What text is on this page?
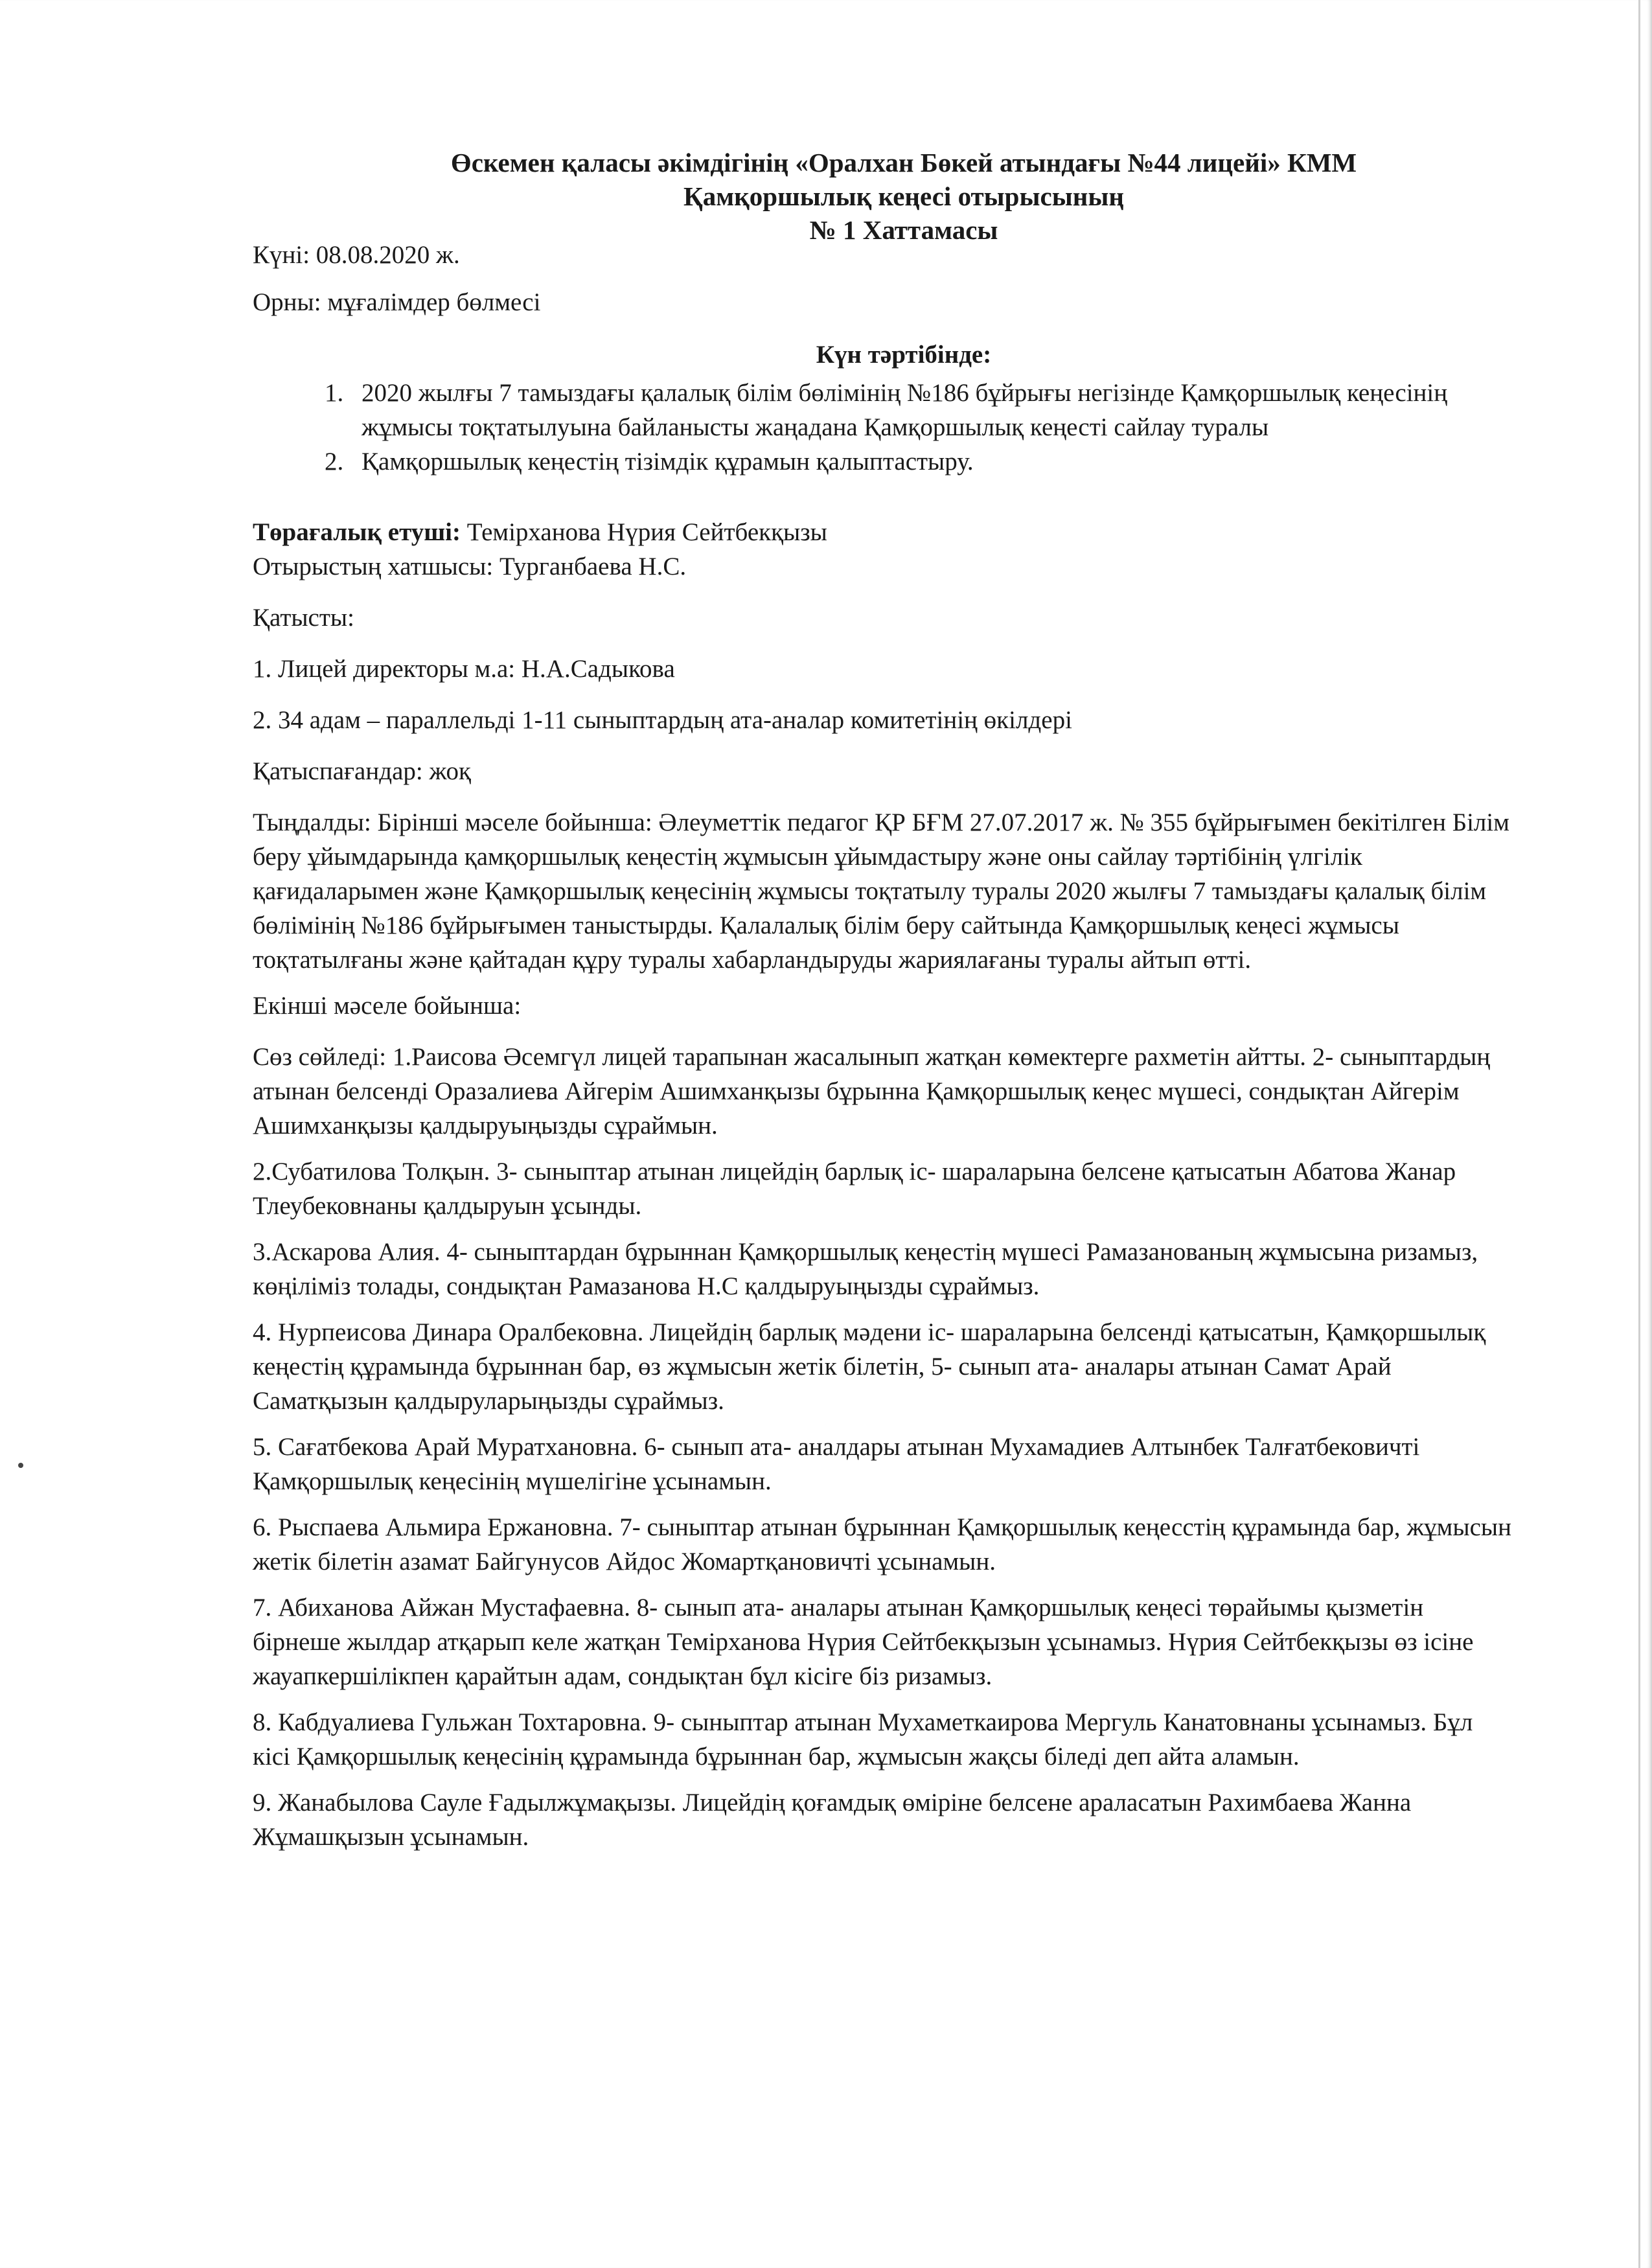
Өскемен қаласы әкімдігінің «Оралхан Бөкей атындағы №44 лицейі» КММ
Қамқоршылық кеңесі отырысының
№ 1 Хаттамасы

Күні: 08.08.2020 ж.

Орны: мұғалімдер бөлмесі

Күн тәртібінде:
1. 2020 жылғы 7 тамыздағы қалалық білім бөлімінің №186 бұйрығы негізінде Қамқоршылық кеңесінің жұмысы тоқтатылуына байланысты жаңадана Қамқоршылық кеңесті сайлау туралы
2. Қамқоршылық кеңестің тізімдік құрамын қалыптастыру.

Төрағалық етуші: Темірханова Нүрия Сейтбекқызы

Отырыстың хатшысы: Турганбаева Н.С.

Қатысты:

1. Лицей директоры м.а: Н.А.Садыкова

2. 34 адам – параллельді 1-11 сыныптардың ата-аналар комитетінің өкілдері

Қатыспағандар: жоқ

Тыңдалды: Бірінші мәселе бойынша: Әлеуметтік педагог ҚР БҒМ 27.07.2017 ж. № 355 бұйрығымен бекітілген Білім беру ұйымдарында қамқоршылық кеңестің жұмысын ұйымдастыру және оны сайлау тәртібінің үлгілік қағидаларымен және Қамқоршылық кеңесінің жұмысы тоқтатылу туралы 2020 жылғы 7 тамыздағы қалалық білім бөлімінің №186 бұйрығымен таныстырды. Қалалалық білім беру сайтында Қамқоршылық кеңесі жұмысы тоқтатылғаны және қайтадан құру туралы хабарландыруды жариялағаны туралы айтып өтті.

Екінші мәселе бойынша:

Сөз сөйледі: 1.Раисова Әсемгүл лицей тарапынан жасалынып жатқан көмектерге рахметін айтты. 2- сыныптардың атынан белсенді Оразалиева Айгерім Ашимханқызы бұрынна Қамқоршылық кеңес мүшесі, сондықтан Айгерім Ашимханқызы қалдыруыңызды сұраймын.

2.Субатилова Толқын. 3- сыныптар атынан лицейдің барлық іс- шараларына белсене қатысатын Абатова Жанар Тлеубековнаны қалдыруын ұсынды.

3.Аскарова Алия. 4- сыныптардан бұрыннан Қамқоршылық кеңестің мүшесі Рамазанованың жұмысына ризамыз, көңіліміз толады, сондықтан Рамазанова Н.С қалдыруыңызды сұраймыз.

4. Нурпеисова Динара Оралбековна. Лицейдің барлық мәдени іс- шараларына белсенді қатысатын, Қамқоршылық кеңестің құрамында бұрыннан бар, өз жұмысын жетік білетін, 5- сынып ата- аналары атынан Самат Арай Саматқызын қалдыруларыңызды сұраймыз.

5. Сағатбекова Арай Муратхановна. 6- сынып ата- аналдары атынан Мухамадиев Алтынбек Талғатбековичті Қамқоршылық кеңесінің мүшелігіне ұсынамын.

6. Рыспаева Альмира Ержановна. 7- сыныптар атынан бұрыннан Қамқоршылық кеңесстің құрамында бар, жұмысын жетік білетін азамат Байгунусов Айдос Жомартқановичті ұсынамын.

7. Абиханова Айжан Мустафаевна. 8- сынып ата- аналары атынан Қамқоршылық кеңесі төрайымы қызметін бірнеше жылдар атқарып келе жатқан Темірханова Нүрия Сейтбекқызын ұсынамыз. Нүрия Сейтбекқызы өз ісіне жауапкершілікпен қарайтын адам, сондықтан бұл кісіге біз ризамыз.

8. Кабдуалиева Гульжан Тохтаровна. 9- сыныптар атынан Мухаметкаирова Мергуль Канатовнаны ұсынамыз. Бұл кісі Қамқоршылық кеңесінің құрамында бұрыннан бар, жұмысын жақсы біледі деп айта аламын.

9. Жанабылова Сауле Ғадылжұмақызы. Лицейдің қоғамдық өміріне белсене араласатын Рахимбаева Жанна Жұмашқызын ұсынамын.
